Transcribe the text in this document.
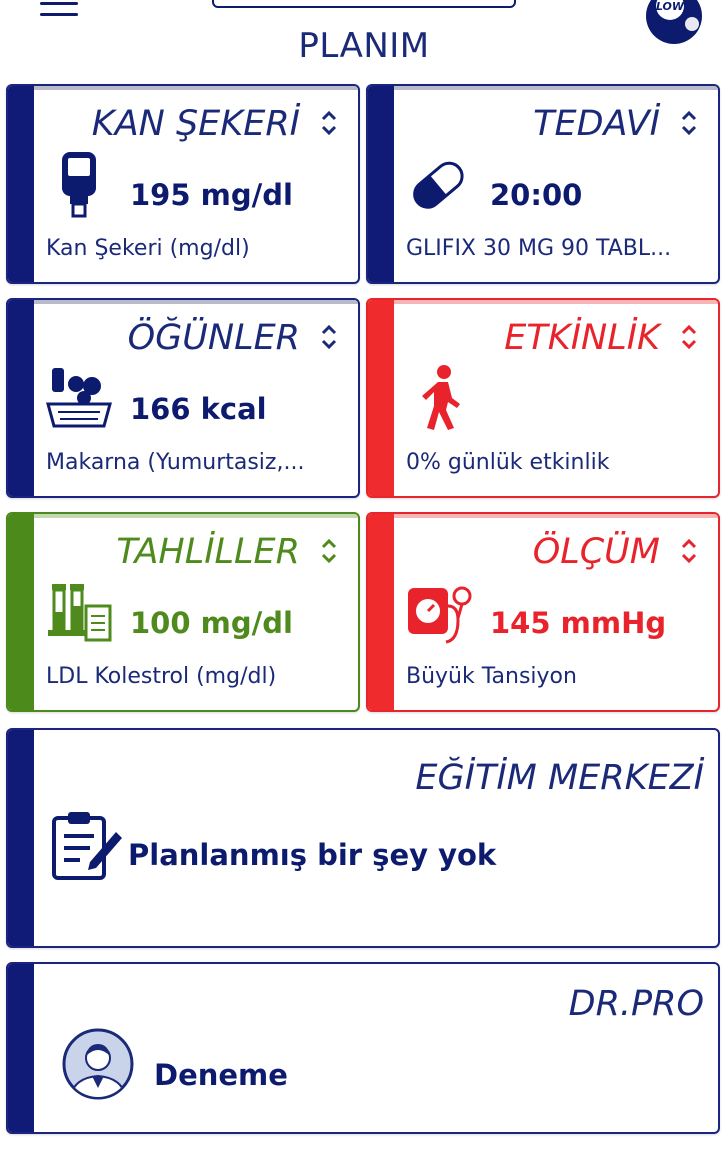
LOW
PLANIM
KAN ŞEKERİ
195 mg/dl
Kan Şekeri (mg/dl)
TEDAVİ
20:00
GLIFIX 30 MG 90 TABL...
ÖĞÜNLER
166 kcal
Makarna (Yumurtasiz,...
ETKİNLİK
0% günlük etkinlik
TAHLİLLER
100 mg/dl
LDL Kolestrol (mg/dl)
ÖLÇÜM
145 mmHg
Büyük Tansiyon
EĞİTİM MERKEZİ
Planlanmış bir şey yok
DR.PRO
Deneme
